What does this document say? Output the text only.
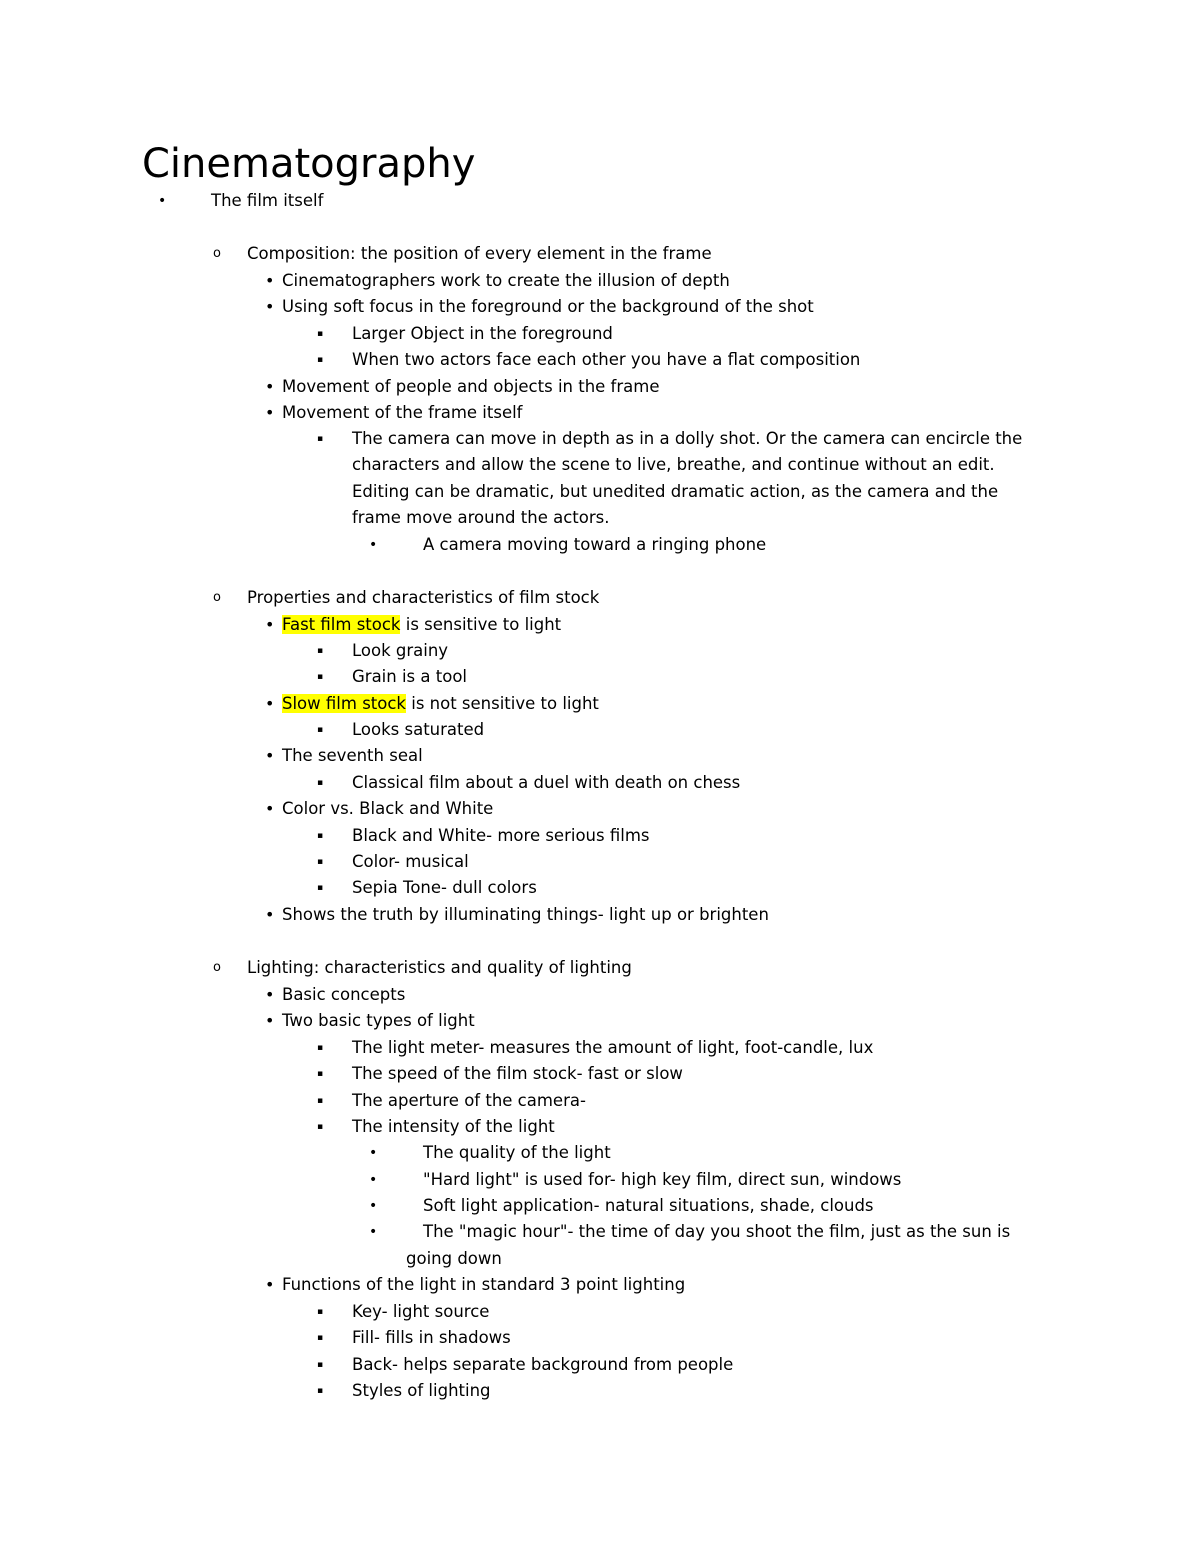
Cinematography
•	The film itself
o Composition: the position of every element in the frame
• Cinematographers work to create the illusion of depth
• Using soft focus in the foreground or the background of the shot
▪ Larger Object in the foreground
▪ When two actors face each other you have a flat composition
• Movement of people and objects in the frame
• Movement of the frame itself
▪ The camera can move in depth as in a dolly shot. Or the camera can encircle the
characters and allow the scene to live, breathe, and continue without an edit.
Editing can be dramatic, but unedited dramatic action, as the camera and the
frame move around the actors.
•	A camera moving toward a ringing phone
o Properties and characteristics of film stock
• Fast film stock is sensitive to light
▪ Look grainy
▪ Grain is a tool
• Slow film stock is not sensitive to light
▪ Looks saturated
• The seventh seal
▪ Classical film about a duel with death on chess
• Color vs. Black and White
▪ Black and White- more serious films
▪ Color- musical
▪ Sepia Tone- dull colors
• Shows the truth by illuminating things- light up or brighten
o Lighting: characteristics and quality of lighting
• Basic concepts
• Two basic types of light
▪ The light meter- measures the amount of light, foot-candle, lux
▪ The speed of the film stock- fast or slow
▪ The aperture of the camera-
▪ The intensity of the light
•	The quality of the light
•	"Hard light" is used for- high key film, direct sun, windows
•	Soft light application- natural situations, shade, clouds
•	The "magic hour"- the time of day you shoot the film, just as the sun is
going down
• Functions of the light in standard 3 point lighting
▪ Key- light source
▪ Fill- fills in shadows
▪ Back- helps separate background from people
▪ Styles of lighting
